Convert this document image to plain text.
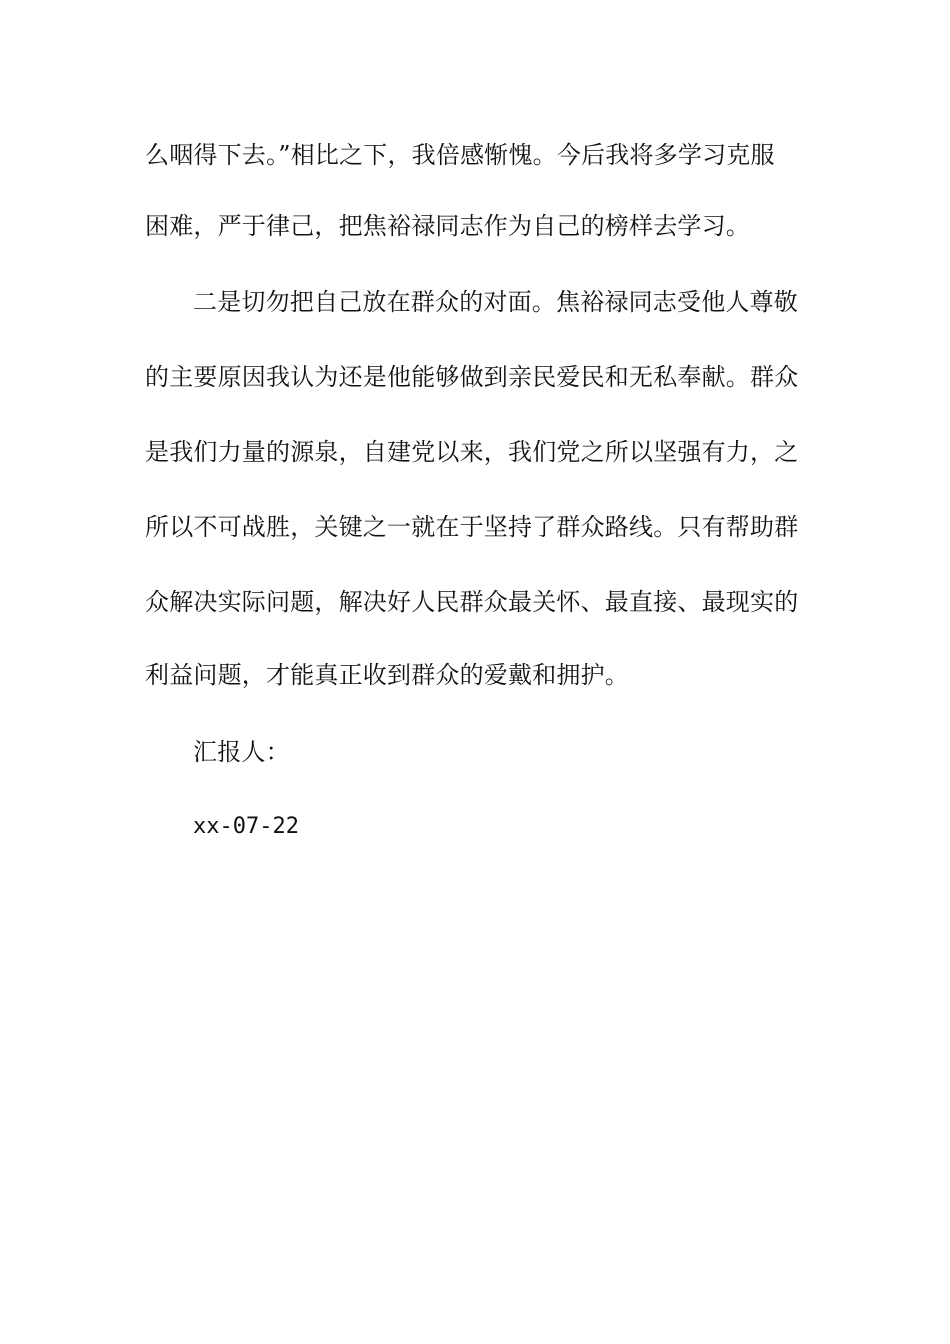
么咽得下去。”相比之下，我倍感惭愧。今后我将多学习克服
困难，严于律己，把焦裕禄同志作为自己的榜样去学习。
二是切勿把自己放在群众的对面。焦裕禄同志受他人尊敬
的主要原因我认为还是他能够做到亲民爱民和无私奉献。群众
是我们力量的源泉，自建党以来，我们党之所以坚强有力，之
所以不可战胜，关键之一就在于坚持了群众路线。只有帮助群
众解决实际问题，解决好人民群众最关怀、最直接、最现实的
利益问题，才能真正收到群众的爱戴和拥护。
汇报人：
xx-07-22
